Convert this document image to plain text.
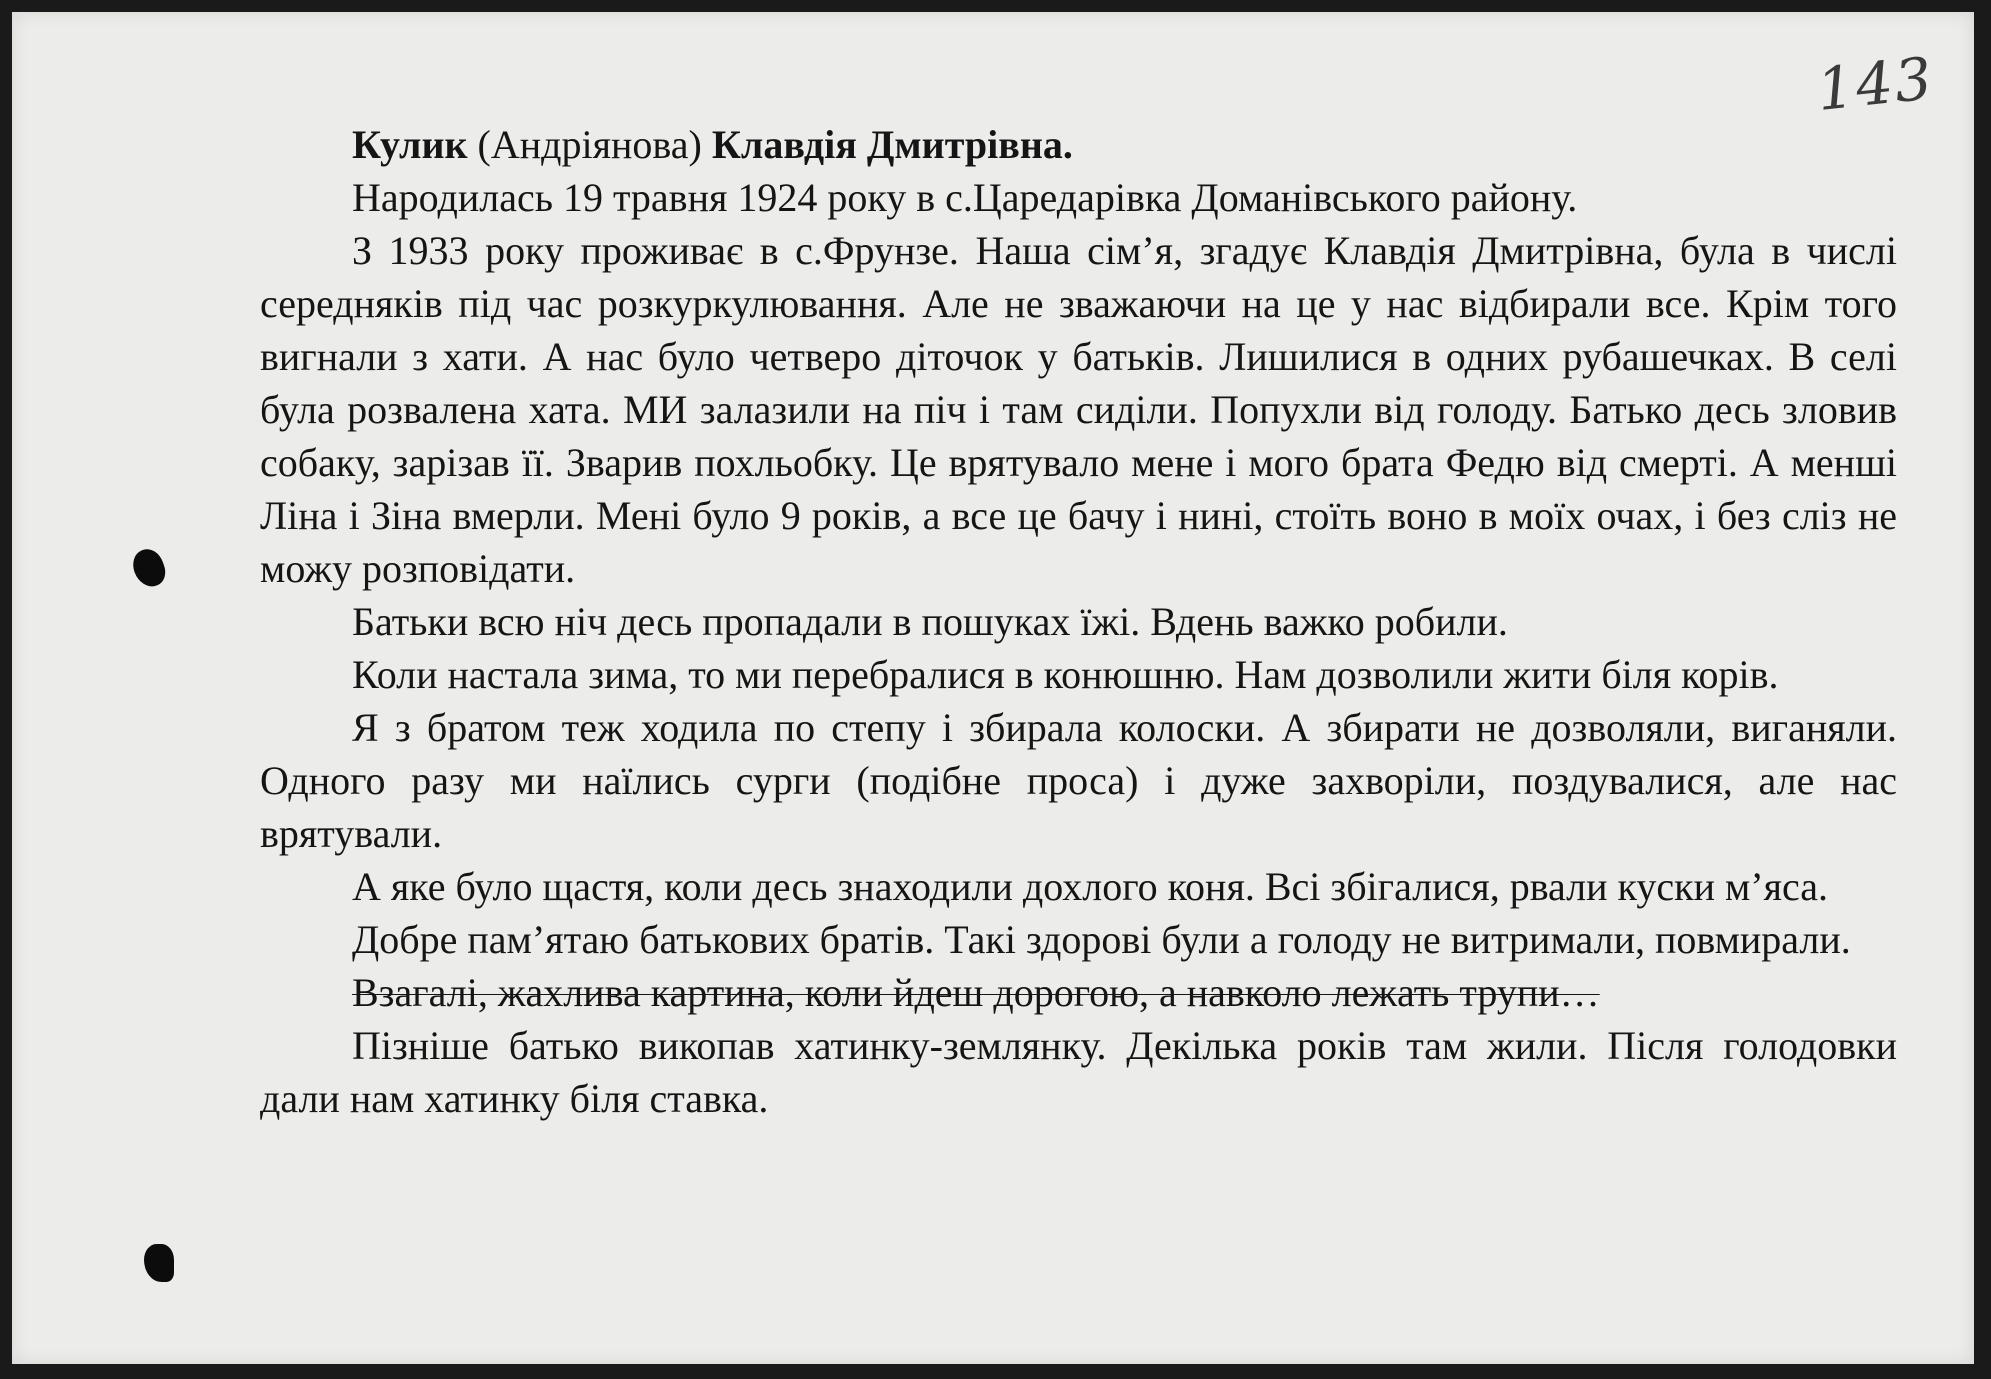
143

Кулик (Андріянова) Клавдія Дмитрівна.

Народилась 19 травня 1924 року в с.Царедарівка Доманівського району.

З 1933 року проживає в с.Фрунзе. Наша сім’я, згадує Клавдія Дмитрівна, була в числі середняків під час розкуркулювання. Але не зважаючи на це у нас відбирали все. Крім того вигнали з хати. А нас було четверо діточок у батьків. Лишилися в одних рубашечках. В селі була розвалена хата. МИ залазили на піч і там сиділи. Попухли від голоду. Батько десь зловив собаку, зарізав її. Зварив похльобку. Це врятувало мене і мого брата Федю від смерті. А менші Ліна і Зіна вмерли. Мені було 9 років, а все це бачу і нині, стоїть воно в моїх очах, і без сліз не можу розповідати.

Батьки всю ніч десь пропадали в пошуках їжі. Вдень важко робили.

Коли настала зима, то ми перебралися в конюшню. Нам дозволили жити біля корів.

Я з братом теж ходила по степу і збирала колоски. А збирати не дозволяли, виганяли. Одного разу ми наїлись сурги (подібне проса) і дуже захворіли, поздувалися, але нас врятували.

А яке було щастя, коли десь знаходили дохлого коня. Всі збігалися, рвали куски м’яса.

Добре пам’ятаю батькових братів. Такі здорові були а голоду не витримали, повмирали.

Взагалі, жахлива картина, коли йдеш дорогою, а навколо лежать трупи…

Пізніше батько викопав хатинку-землянку. Декілька років там жили. Після голодовки дали нам хатинку біля ставка.
